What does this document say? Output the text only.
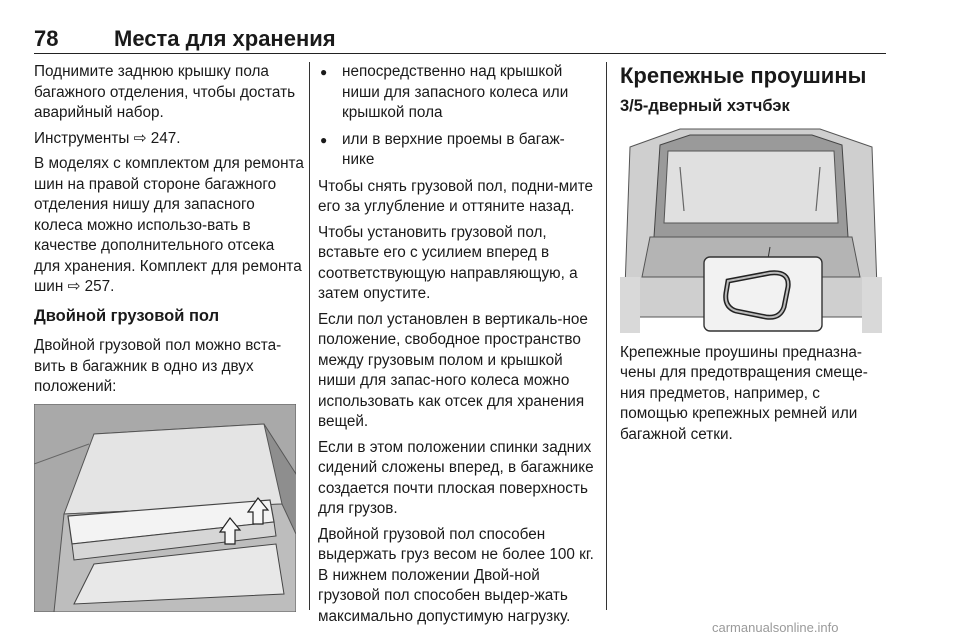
78	Места для хранения

Поднимите заднюю крышку пола багажного отделения, чтобы достать аварийный набор.

Инструменты ⇨ 247.

В моделях с комплектом для ремонта шин на правой стороне багажного отделения нишу для запасного колеса можно использо-вать в качестве дополнительного отсека для хранения. Комплект для ремонта шин ⇨ 257.

Двойной грузовой пол

Двойной грузовой пол можно вста-вить в багажник в одно из двух положений:

● непосредственно над крышкой ниши для запасного колеса или крышкой пола
● или в верхние проемы в багаж-нике

Чтобы снять грузовой пол, подни-мите его за углубление и оттяните назад.

Чтобы установить грузовой пол, вставьте его с усилием вперед в соответствующую направляющую, а затем опустите.

Если пол установлен в вертикаль-ное положение, свободное пространство между грузовым полом и крышкой ниши для запас-ного колеса можно использовать как отсек для хранения вещей.

Если в этом положении спинки задних сидений сложены вперед, в багажнике создается почти плоская поверхность для грузов.

Двойной грузовой пол способен выдержать груз весом не более 100 кг. В нижнем положении Двой-ной грузовой пол способен выдер-жать максимально допустимую нагрузку.

Крепежные проушины
3/5-дверный хэтчбэк

Крепежные проушины предназна-чены для предотвращения смеще-ния предметов, например, с помощью крепежных ремней или багажной сетки.

carmanualsonline.info
